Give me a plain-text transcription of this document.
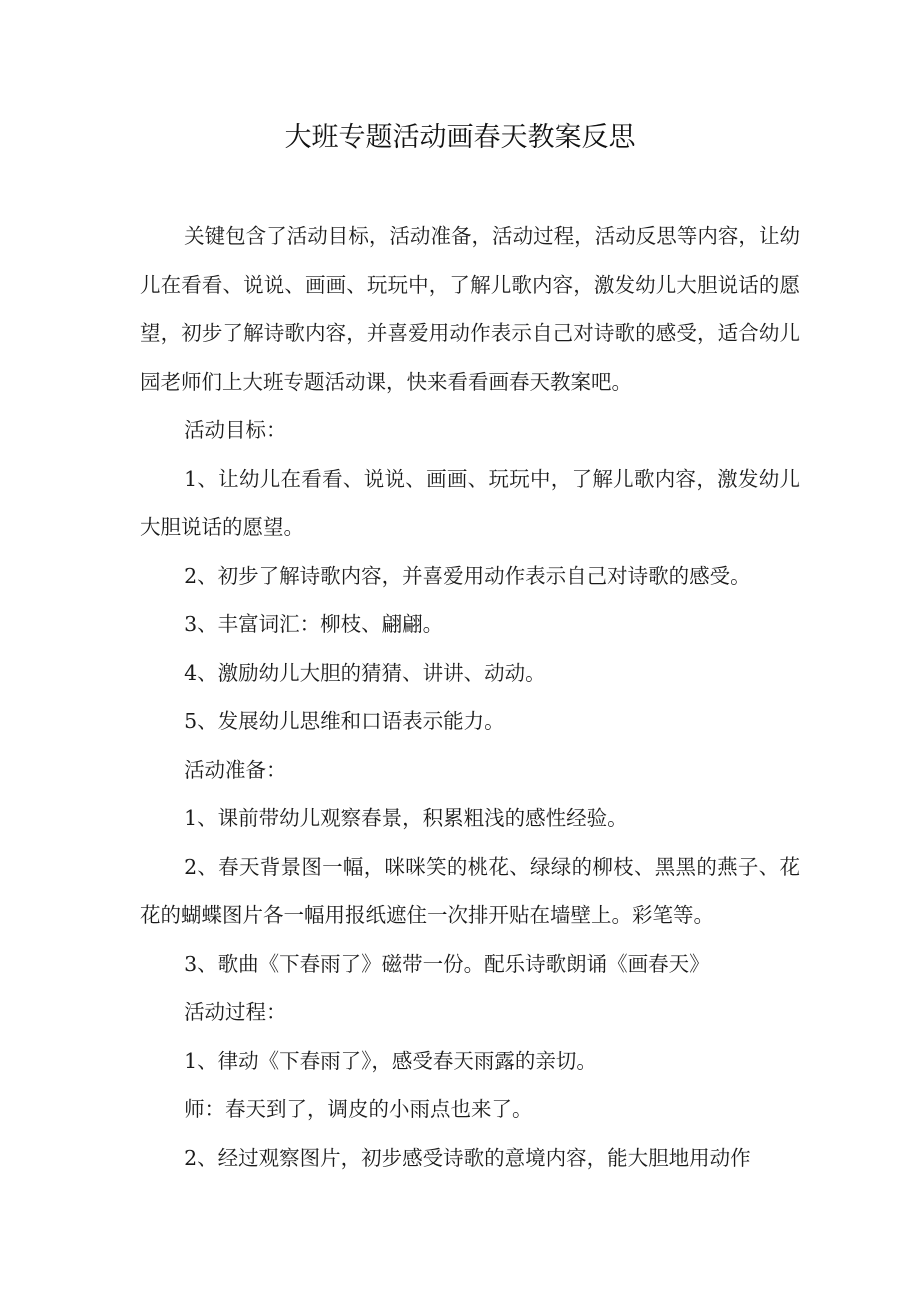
大班专题活动画春天教案反思

关键包含了活动目标，活动准备，活动过程，活动反思等内容，让幼儿在看看、说说、画画、玩玩中，了解儿歌内容，激发幼儿大胆说话的愿望，初步了解诗歌内容，并喜爱用动作表示自己对诗歌的感受，适合幼儿园老师们上大班专题活动课，快来看看画春天教案吧。

活动目标：

1、让幼儿在看看、说说、画画、玩玩中，了解儿歌内容，激发幼儿大胆说话的愿望。

2、初步了解诗歌内容，并喜爱用动作表示自己对诗歌的感受。

3、丰富词汇：柳枝、翩翩。

4、激励幼儿大胆的猜猜、讲讲、动动。

5、发展幼儿思维和口语表示能力。

活动准备：

1、课前带幼儿观察春景，积累粗浅的感性经验。

2、春天背景图一幅，咪咪笑的桃花、绿绿的柳枝、黑黑的燕子、花花的蝴蝶图片各一幅用报纸遮住一次排开贴在墙壁上。彩笔等。

3、歌曲《下春雨了》磁带一份。配乐诗歌朗诵《画春天》

活动过程：

1、律动《下春雨了》，感受春天雨露的亲切。

师：春天到了，调皮的小雨点也来了。

2、经过观察图片，初步感受诗歌的意境内容，能大胆地用动作
